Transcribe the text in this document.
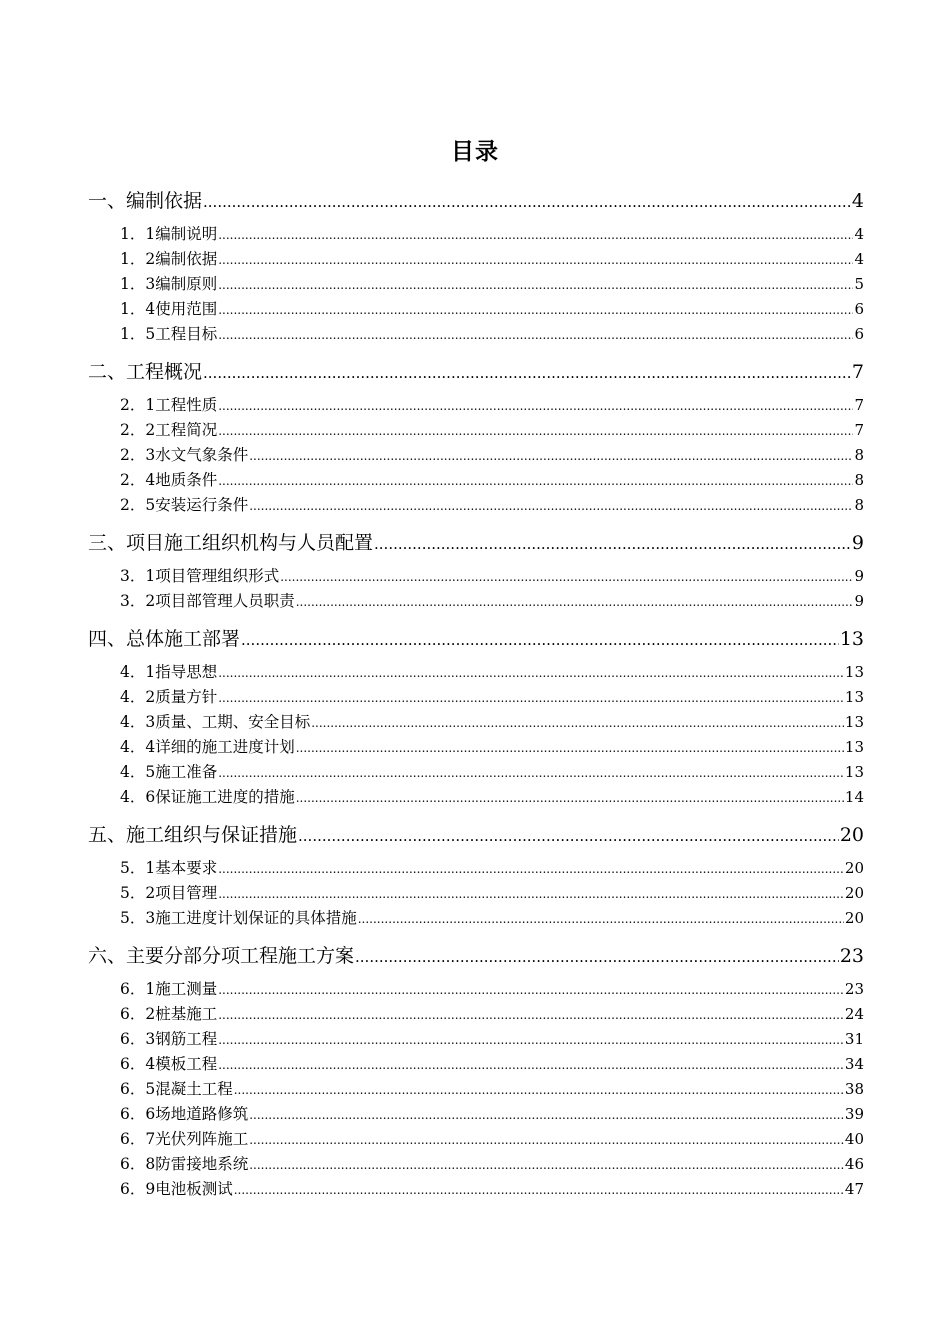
目录
一、编制依据 .....	4
1．1编制说明 .....	4
1．2编制依据 .....	4
1．3编制原则 .....	5
1．4使用范围 .....	6
1．5工程目标 .....	6
二、工程概况 .....	7
2．1工程性质 .....	7
2．2工程简况 .....	7
2．3水文气象条件 .....	8
2．4地质条件 .....	8
2．5安装运行条件 .....	8
三、项目施工组织机构与人员配置 .....	9
3．1项目管理组织形式 .....	9
3．2项目部管理人员职责 .....	9
四、总体施工部署 .....	13
4．1指导思想 .....	13
4．2质量方针 .....	13
4．3质量、工期、安全目标 .....	13
4．4详细的施工进度计划 .....	13
4．5施工准备 .....	13
4．6保证施工进度的措施 .....	14
五、施工组织与保证措施 .....	20
5．1基本要求 .....	20
5．2项目管理 .....	20
5．3施工进度计划保证的具体措施 .....	20
六、主要分部分项工程施工方案 .....	23
6．1施工测量 .....	23
6．2桩基施工 .....	24
6．3钢筋工程 .....	31
6．4模板工程 .....	34
6．5混凝土工程 .....	38
6．6场地道路修筑 .....	39
6．7光伏列阵施工 .....	40
6．8防雷接地系统 .....	46
6．9电池板测试 .....	47
